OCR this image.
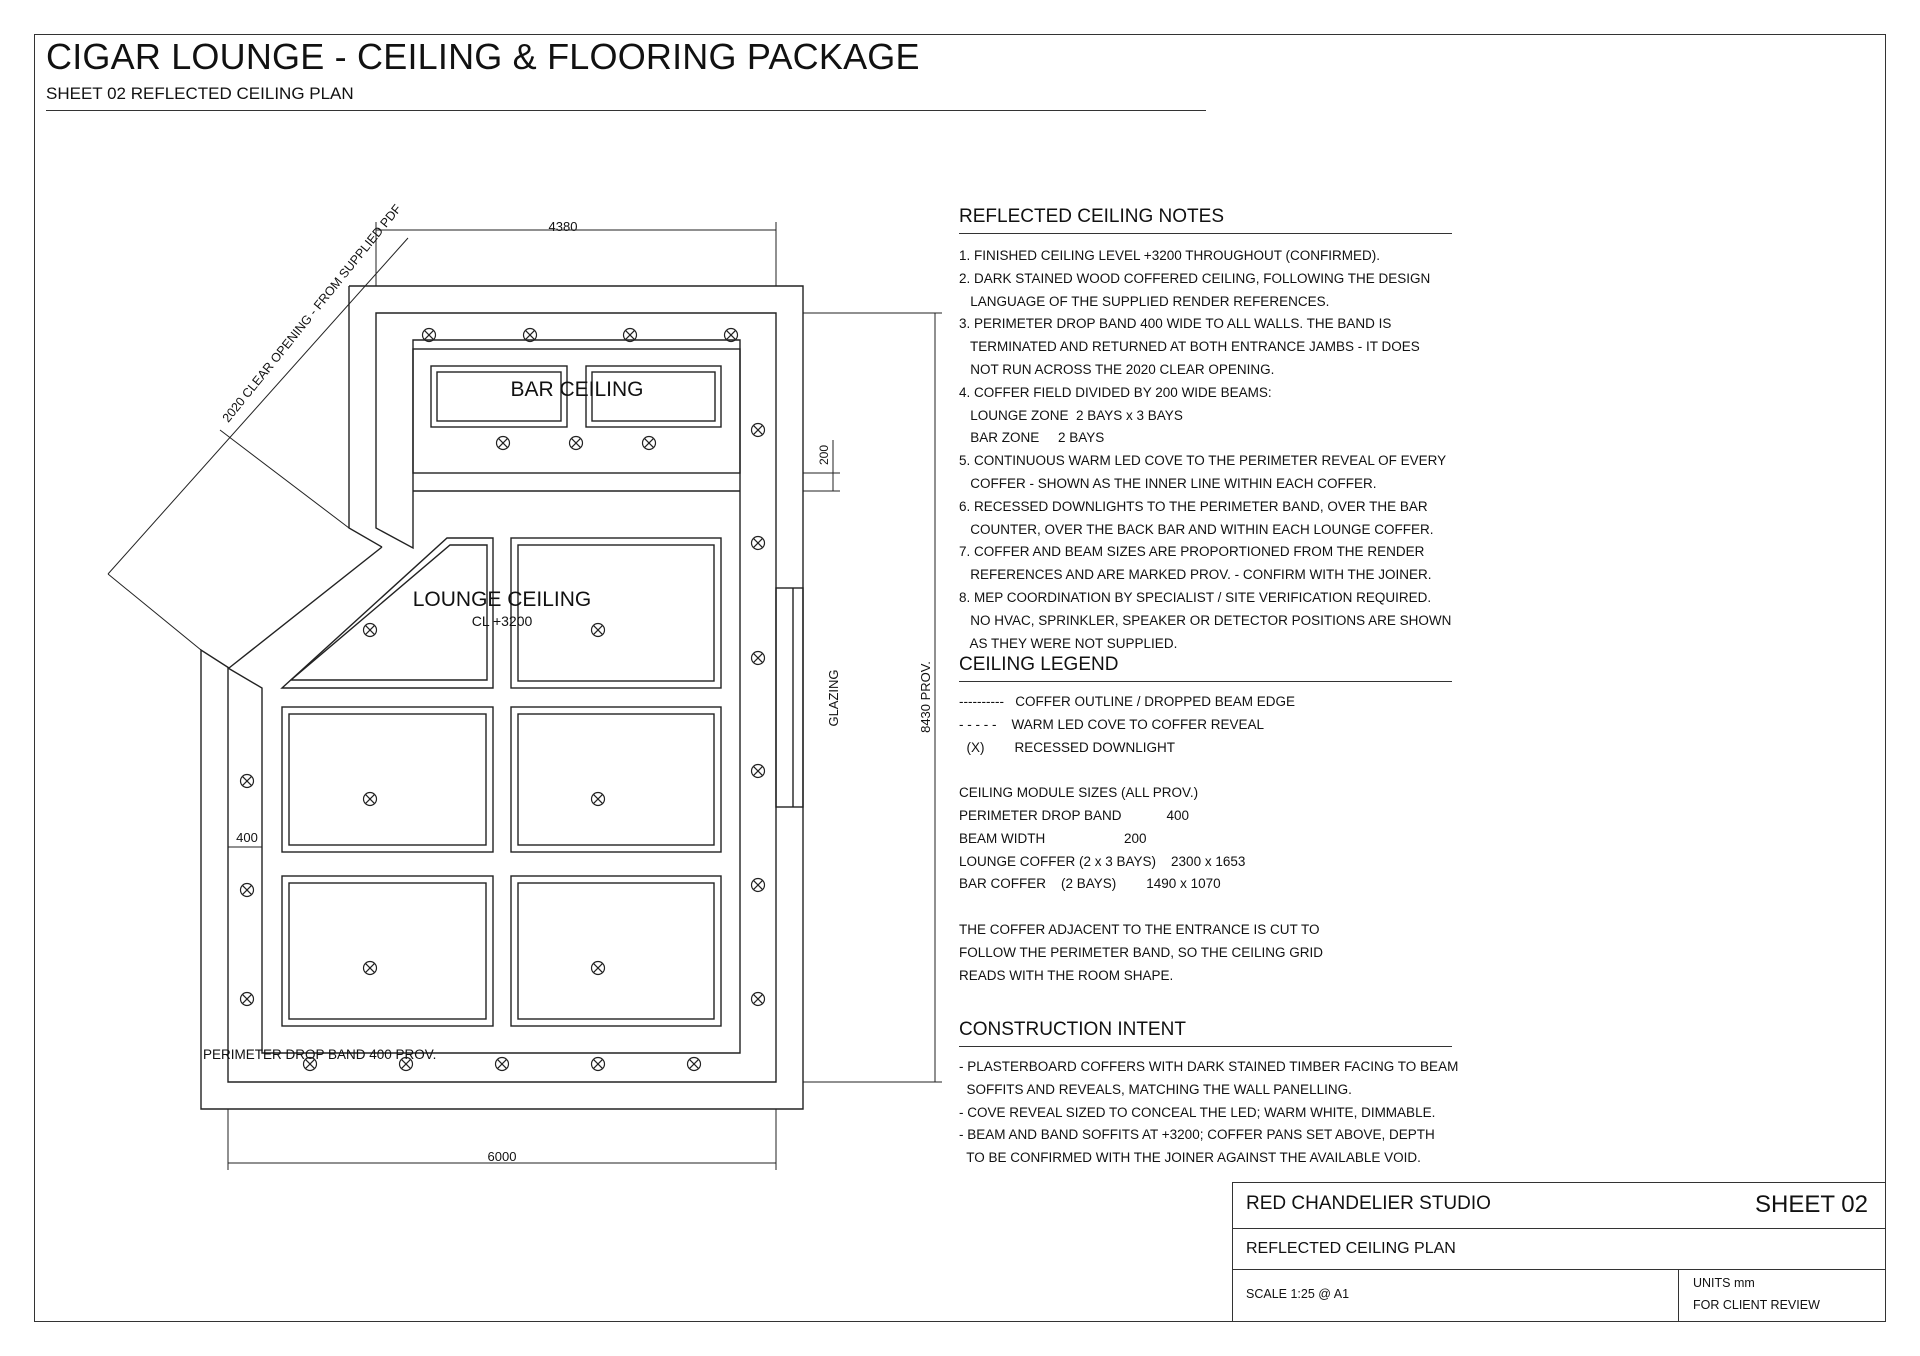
CIGAR LOUNGE - CEILING & FLOORING PACKAGE
SHEET 02 REFLECTED CEILING PLAN
4380
6000
8430 PROV.
200
400
2020 CLEAR OPENING - FROM SUPPLIED PDF	BAR CEILING
LOUNGE CEILING
CL +3200
GLAZING
PERIMETER DROP BAND 400 PROV.
REFLECTED CEILING NOTES
1. FINISHED CEILING LEVEL +3200 THROUGHOUT (CONFIRMED).
2. DARK STAINED WOOD COFFERED CEILING, FOLLOWING THE DESIGN
LANGUAGE OF THE SUPPLIED RENDER REFERENCES.
3. PERIMETER DROP BAND 400 WIDE TO ALL WALLS. THE BAND IS
TERMINATED AND RETURNED AT BOTH ENTRANCE JAMBS - IT DOES
NOT RUN ACROSS THE 2020 CLEAR OPENING.
4. COFFER FIELD DIVIDED BY 200 WIDE BEAMS:
LOUNGE ZONE  2 BAYS x 3 BAYS
BAR ZONE     2 BAYS
5. CONTINUOUS WARM LED COVE TO THE PERIMETER REVEAL OF EVERY
COFFER - SHOWN AS THE INNER LINE WITHIN EACH COFFER.
6. RECESSED DOWNLIGHTS TO THE PERIMETER BAND, OVER THE BAR
COUNTER, OVER THE BACK BAR AND WITHIN EACH LOUNGE COFFER.
7. COFFER AND BEAM SIZES ARE PROPORTIONED FROM THE RENDER
REFERENCES AND ARE MARKED PROV. - CONFIRM WITH THE JOINER.
8. MEP COORDINATION BY SPECIALIST / SITE VERIFICATION REQUIRED.
NO HVAC, SPRINKLER, SPEAKER OR DETECTOR POSITIONS ARE SHOWN
AS THEY WERE NOT SUPPLIED.
CEILING LEGEND
----------   COFFER OUTLINE / DROPPED BEAM EDGE
- - - - -    WARM LED COVE TO COFFER REVEAL
(X)        RECESSED DOWNLIGHT
CEILING MODULE SIZES (ALL PROV.)
PERIMETER DROP BAND            400
BEAM WIDTH                     200
LOUNGE COFFER (2 x 3 BAYS)    2300 x 1653
BAR COFFER    (2 BAYS)        1490 x 1070
THE COFFER ADJACENT TO THE ENTRANCE IS CUT TO
FOLLOW THE PERIMETER BAND, SO THE CEILING GRID
READS WITH THE ROOM SHAPE.
CONSTRUCTION INTENT
- PLASTERBOARD COFFERS WITH DARK STAINED TIMBER FACING TO BEAM
SOFFITS AND REVEALS, MATCHING THE WALL PANELLING.
- COVE REVEAL SIZED TO CONCEAL THE LED; WARM WHITE, DIMMABLE.
- BEAM AND BAND SOFFITS AT +3200; COFFER PANS SET ABOVE, DEPTH
TO BE CONFIRMED WITH THE JOINER AGAINST THE AVAILABLE VOID.
RED CHANDELIER STUDIO	SHEET 02
REFLECTED CEILING PLAN
SCALE 1:25 @ A1
UNITS mm
FOR CLIENT REVIEW
